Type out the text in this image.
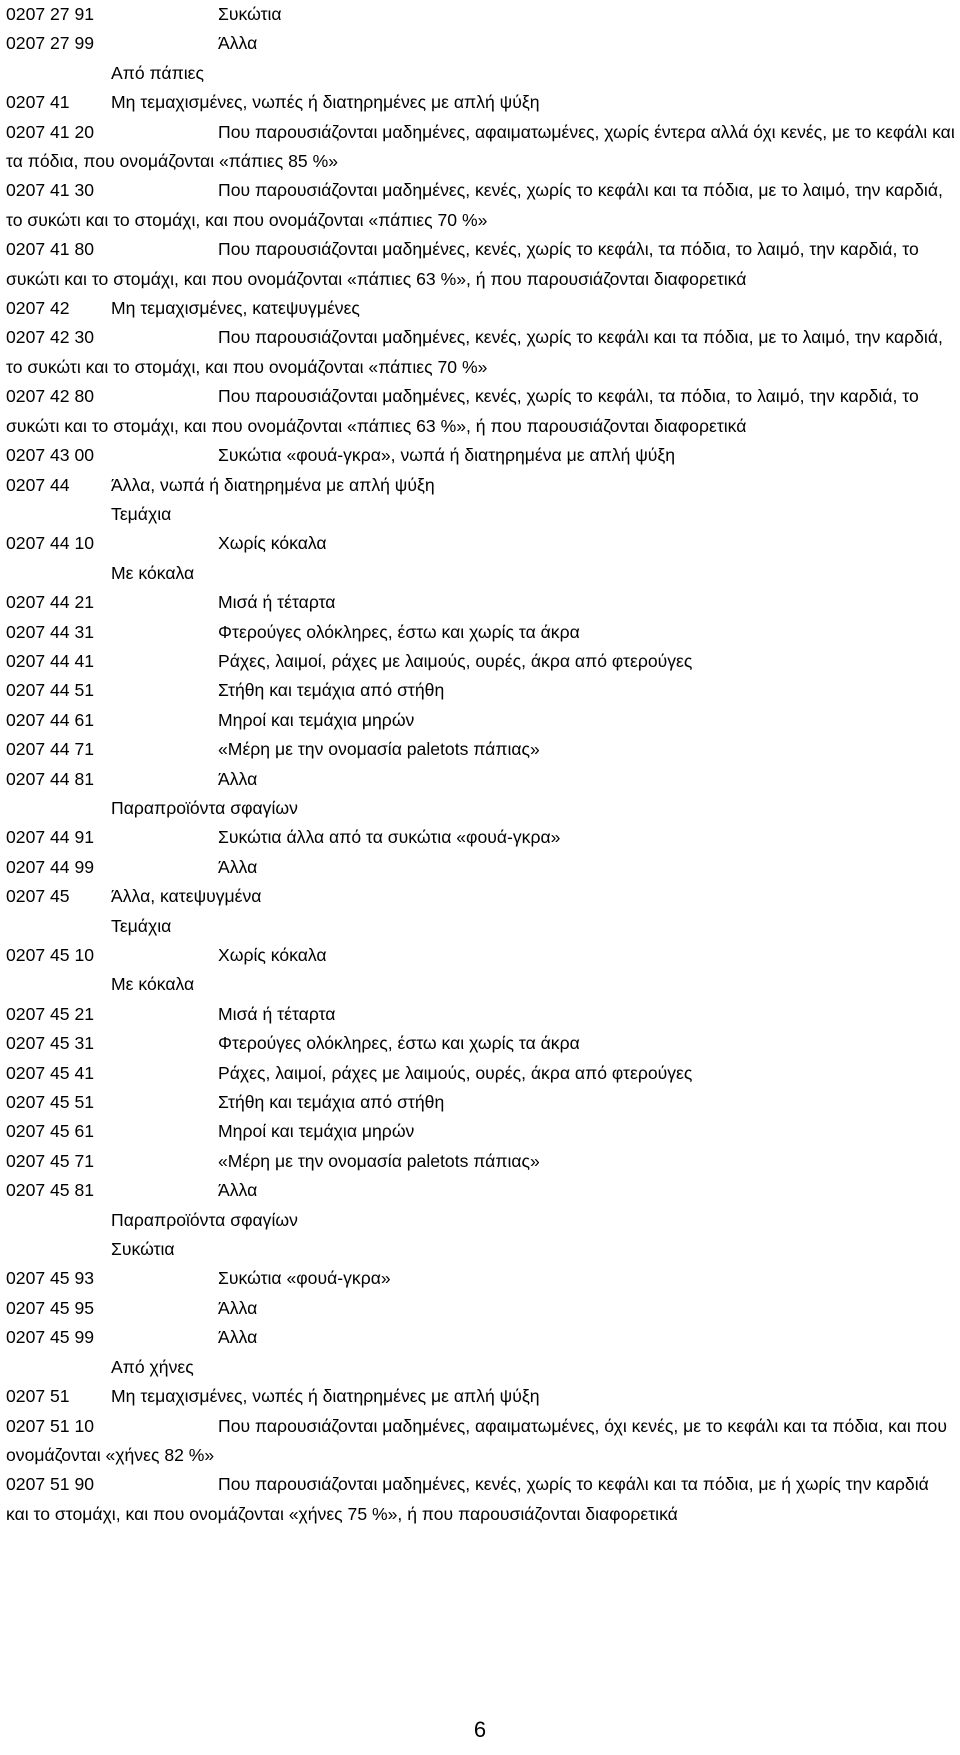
0207 27 91	Συκώτια
0207 27 99	Άλλα
Από πάπιες
0207 41 Μη τεμαχισμένες, νωπές ή διατηρημένες με απλή ψύξη
0207 41 20	Που παρουσιάζονται μαδημένες, αφαιματωμένες, χωρίς έντερα αλλά όχι κενές, με το κεφάλι και τα πόδια, που ονομάζονται «πάπιες 85 %»
0207 41 30	Που παρουσιάζονται μαδημένες, κενές, χωρίς το κεφάλι και τα πόδια, με το λαιμό, την καρδιά, το συκώτι και το στομάχι, και που ονομάζονται «πάπιες 70 %»
0207 41 80	Που παρουσιάζονται μαδημένες, κενές, χωρίς το κεφάλι, τα πόδια, το λαιμό, την καρδιά, το συκώτι και το στομάχι, και που ονομάζονται «πάπιες 63 %», ή που παρουσιάζονται διαφορετικά
0207 42 Μη τεμαχισμένες, κατεψυγμένες
0207 42 30	Που παρουσιάζονται μαδημένες, κενές, χωρίς το κεφάλι και τα πόδια, με το λαιμό, την καρδιά, το συκώτι και το στομάχι, και που ονομάζονται «πάπιες 70 %»
0207 42 80	Που παρουσιάζονται μαδημένες, κενές, χωρίς το κεφάλι, τα πόδια, το λαιμό, την καρδιά, το συκώτι και το στομάχι, και που ονομάζονται «πάπιες 63 %», ή που παρουσιάζονται διαφορετικά
0207 43 00	Συκώτια «φουά-γκρα», νωπά ή διατηρημένα με απλή ψύξη
0207 44 Άλλα, νωπά ή διατηρημένα με απλή ψύξη
Τεμάχια
0207 44 10	Χωρίς κόκαλα
Με κόκαλα
0207 44 21	Μισά ή τέταρτα
0207 44 31	Φτερούγες ολόκληρες, έστω και χωρίς τα άκρα
0207 44 41	Ράχες, λαιμοί, ράχες με λαιμούς, ουρές, άκρα από φτερούγες
0207 44 51	Στήθη και τεμάχια από στήθη
0207 44 61	Μηροί και τεμάχια μηρών
0207 44 71	«Μέρη με την ονομασία paletots πάπιας»
0207 44 81	Άλλα
Παραπροϊόντα σφαγίων
0207 44 91	Συκώτια άλλα από τα συκώτια «φουά-γκρα»
0207 44 99	Άλλα
0207 45 Άλλα, κατεψυγμένα
Τεμάχια
0207 45 10	Χωρίς κόκαλα
Με κόκαλα
0207 45 21	Μισά ή τέταρτα
0207 45 31	Φτερούγες ολόκληρες, έστω και χωρίς τα άκρα
0207 45 41	Ράχες, λαιμοί, ράχες με λαιμούς, ουρές, άκρα από φτερούγες
0207 45 51	Στήθη και τεμάχια από στήθη
0207 45 61	Μηροί και τεμάχια μηρών
0207 45 71	«Μέρη με την ονομασία paletots πάπιας»
0207 45 81	Άλλα
Παραπροϊόντα σφαγίων
Συκώτια
0207 45 93	Συκώτια «φουά-γκρα»
0207 45 95	Άλλα
0207 45 99	Άλλα
Από χήνες
0207 51 Μη τεμαχισμένες, νωπές ή διατηρημένες με απλή ψύξη
0207 51 10	Που παρουσιάζονται μαδημένες, αφαιματωμένες, όχι κενές, με το κεφάλι και τα πόδια, και που ονομάζονται «χήνες 82 %»
0207 51 90	Που παρουσιάζονται μαδημένες, κενές, χωρίς το κεφάλι και τα πόδια, με ή χωρίς την καρδιά και το στομάχι, και που ονομάζονται «χήνες 75 %», ή που παρουσιάζονται διαφορετικά
6
